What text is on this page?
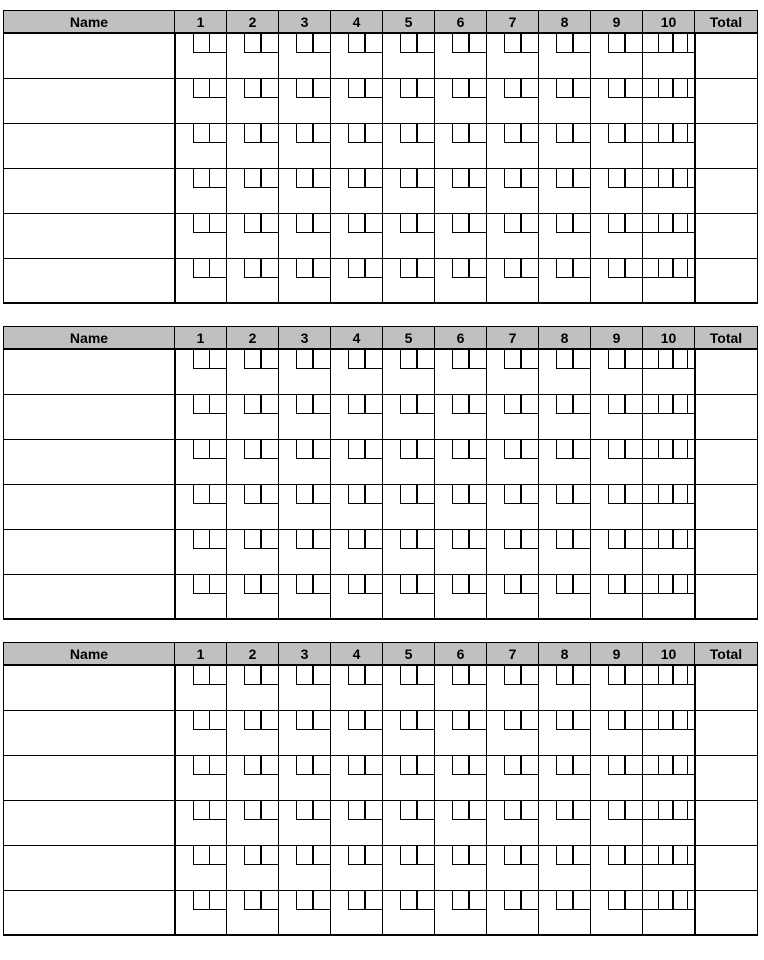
Name	1	2	3	4	5	6	7	8	9	10	Total

Name	1	2	3	4	5	6	7	8	9	10	Total

Name	1	2	3	4	5	6	7	8	9	10	Total
